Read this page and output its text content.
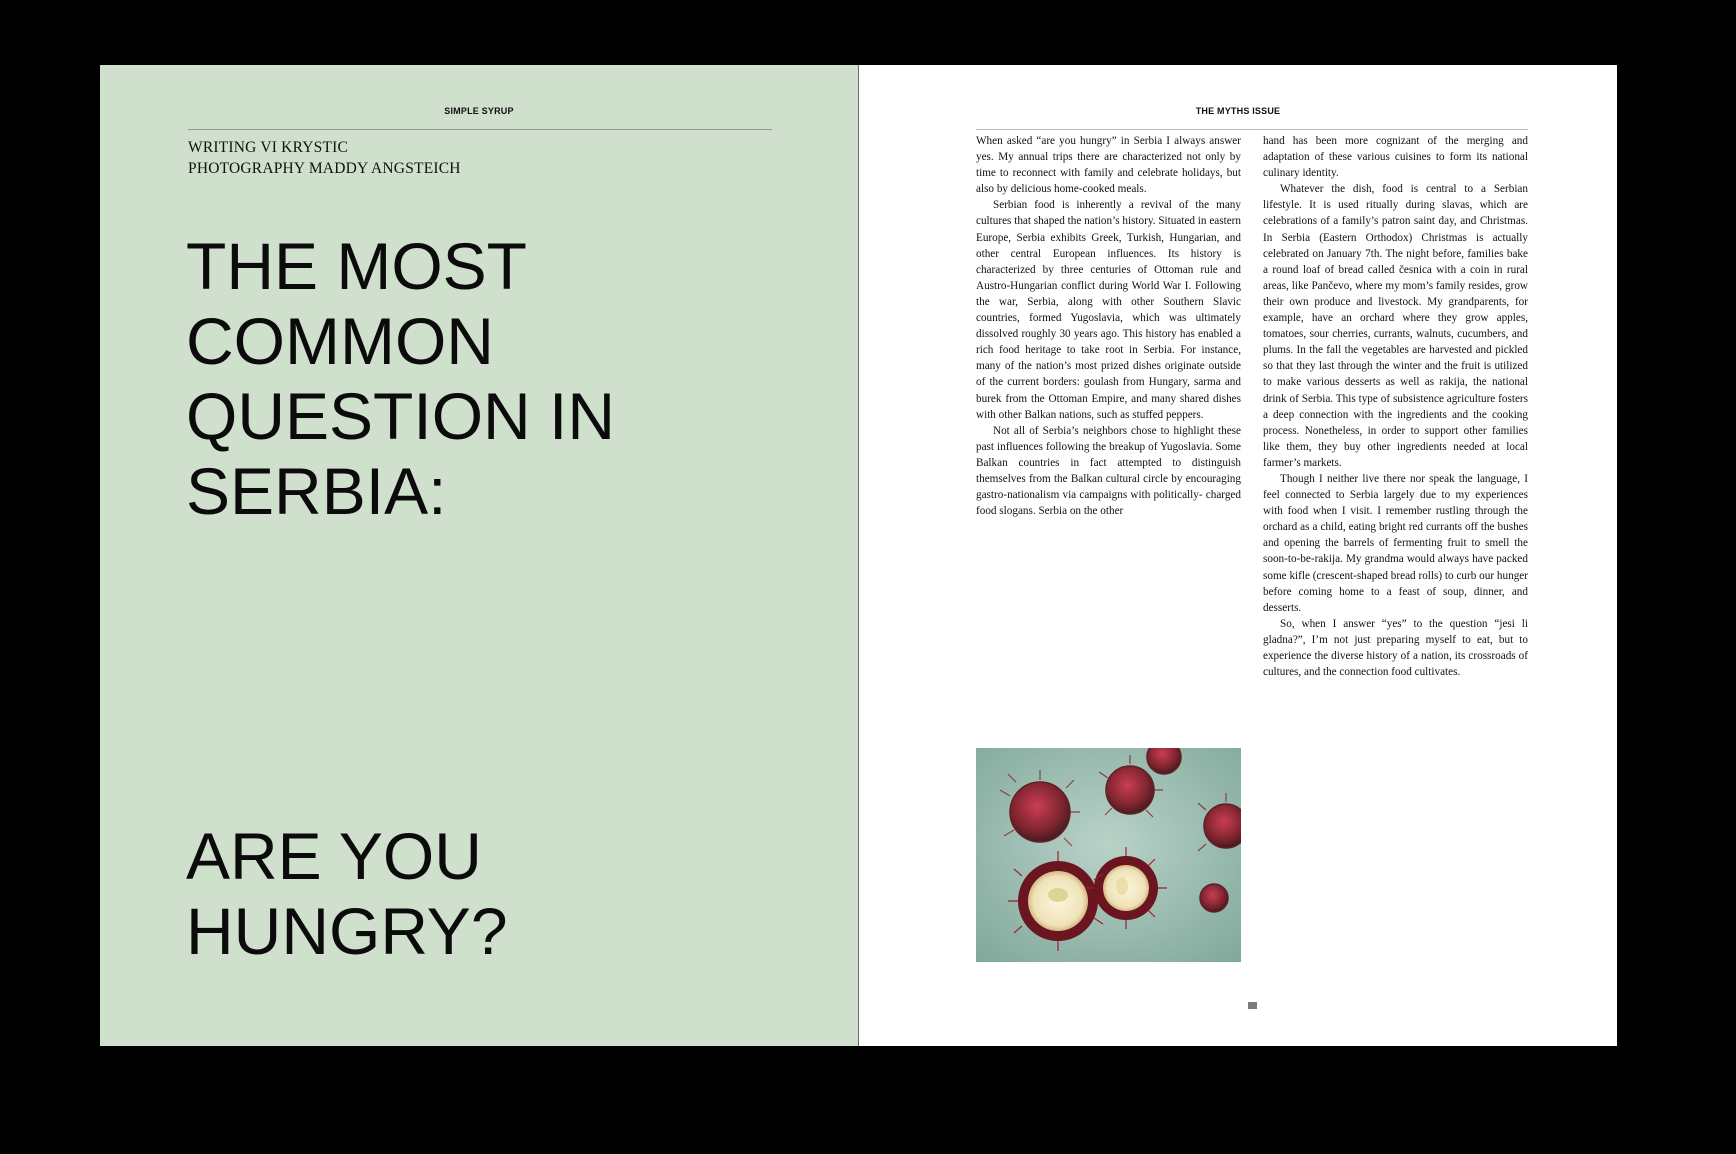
SIMPLE SYRUP
WRITING VI KRYSTIC
PHOTOGRAPHY MADDY ANGSTEICH
THE MOST
COMMON
QUESTION IN
SERBIA:
ARE YOU
HUNGRY?
THE MYTHS ISSUE

When asked “are you hungry” in Serbia I always answer yes. My annual trips there are characterized not only by time to reconnect with family and celebrate holidays, but also by delicious home-cooked meals.

Serbian food is inherently a revival of the many cultures that shaped the nation’s history. Situated in eastern Europe, Serbia exhibits Greek, Turkish, Hungarian, and other central European influences. Its history is characterized by three centuries of Ottoman rule and Austro-Hungarian conflict during World War I. Following the war, Serbia, along with other Southern Slavic countries, formed Yugoslavia, which was ultimately dissolved roughly 30 years ago. This history has enabled a rich food heritage to take root in Serbia. For instance, many of the nation’s most prized dishes originate outside of the current borders: goulash from Hungary, sarma and burek from the Ottoman Empire, and many shared dishes with other Balkan nations, such as stuffed peppers.

Not all of Serbia’s neighbors chose to highlight these past influences following the breakup of Yugoslavia. Some Balkan countries in fact attempted to distinguish themselves from the Balkan cultural circle by encouraging gastro-nationalism via campaigns with politically- charged food slogans. Serbia on the other

hand has been more cognizant of the merging and adaptation of these various cuisines to form its national culinary identity.

Whatever the dish, food is central to a Serbian lifestyle. It is used ritually during slavas, which are celebrations of a family’s patron saint day, and Christmas. In Serbia (Eastern Orthodox) Christmas is actually celebrated on January 7th. The night before, families bake a round loaf of bread called česnica with a coin in rural areas, like Pančevo, where my mom’s family resides, grow their own produce and livestock. My grandparents, for example, have an orchard where they grow apples, tomatoes, sour cherries, currants, walnuts, cucumbers, and plums. In the fall the vegetables are harvested and pickled so that they last through the winter and the fruit is utilized to make various desserts as well as rakija, the national drink of Serbia. This type of subsistence agriculture fosters a deep connection with the ingredients and the cooking process. Nonetheless, in order to support other families like them, they buy other ingredients needed at local farmer’s markets.

Though I neither live there nor speak the language, I feel connected to Serbia largely due to my experiences with food when I visit. I remember rustling through the orchard as a child, eating bright red currants off the bushes and opening the barrels of fermenting fruit to smell the soon-to-be-rakija. My grandma would always have packed some kifle (crescent-shaped bread rolls) to curb our hunger before coming home to a feast of soup, dinner, and desserts.

So, when I answer “yes” to the question “jesi li gladna?”, I’m not just preparing myself to eat, but to experience the diverse history of a nation, its crossroads of cultures, and the connection food cultivates.
